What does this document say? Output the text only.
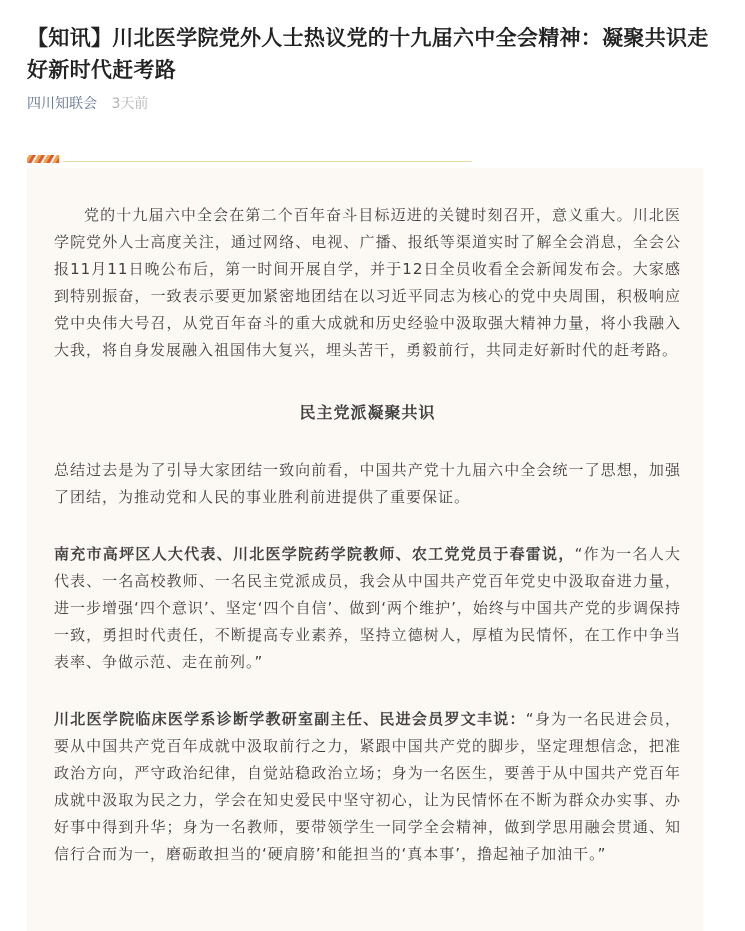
【知讯】川北医学院党外人士热议党的十九届六中全会精神：凝聚共识走好新时代赶考路
四川知联会 3天前

党的十九届六中全会在第二个百年奋斗目标迈进的关键时刻召开，意义重大。川北医学院党外人士高度关注，通过网络、电视、广播、报纸等渠道实时了解全会消息，全会公报11月11日晚公布后，第一时间开展自学，并于12日全员收看全会新闻发布会。大家感到特别振奋，一致表示要更加紧密地团结在以习近平同志为核心的党中央周围，积极响应党中央伟大号召，从党百年奋斗的重大成就和历史经验中汲取强大精神力量，将小我融入大我，将自身发展融入祖国伟大复兴，埋头苦干，勇毅前行，共同走好新时代的赶考路。

民主党派凝聚共识

总结过去是为了引导大家团结一致向前看，中国共产党十九届六中全会统一了思想，加强了团结，为推动党和人民的事业胜利前进提供了重要保证。

南充市高坪区人大代表、川北医学院药学院教师、农工党党员于春雷说，“作为一名人大代表、一名高校教师、一名民主党派成员，我会从中国共产党百年党史中汲取奋进力量，进一步增强‘四个意识’、坚定‘四个自信’、做到‘两个维护’，始终与中国共产党的步调保持一致，勇担时代责任，不断提高专业素养，坚持立德树人，厚植为民情怀，在工作中争当表率、争做示范、走在前列。”

川北医学院临床医学系诊断学教研室副主任、民进会员罗文丰说：“身为一名民进会员，要从中国共产党百年成就中汲取前行之力，紧跟中国共产党的脚步，坚定理想信念，把准政治方向，严守政治纪律，自觉站稳政治立场；身为一名医生，要善于从中国共产党百年成就中汲取为民之力，学会在知史爱民中坚守初心，让为民情怀在不断为群众办实事、办好事中得到升华；身为一名教师，要带领学生一同学全会精神，做到学思用融会贯通、知信行合而为一，磨砺敢担当的‘硬肩膀’和能担当的‘真本事’，撸起袖子加油干。”
